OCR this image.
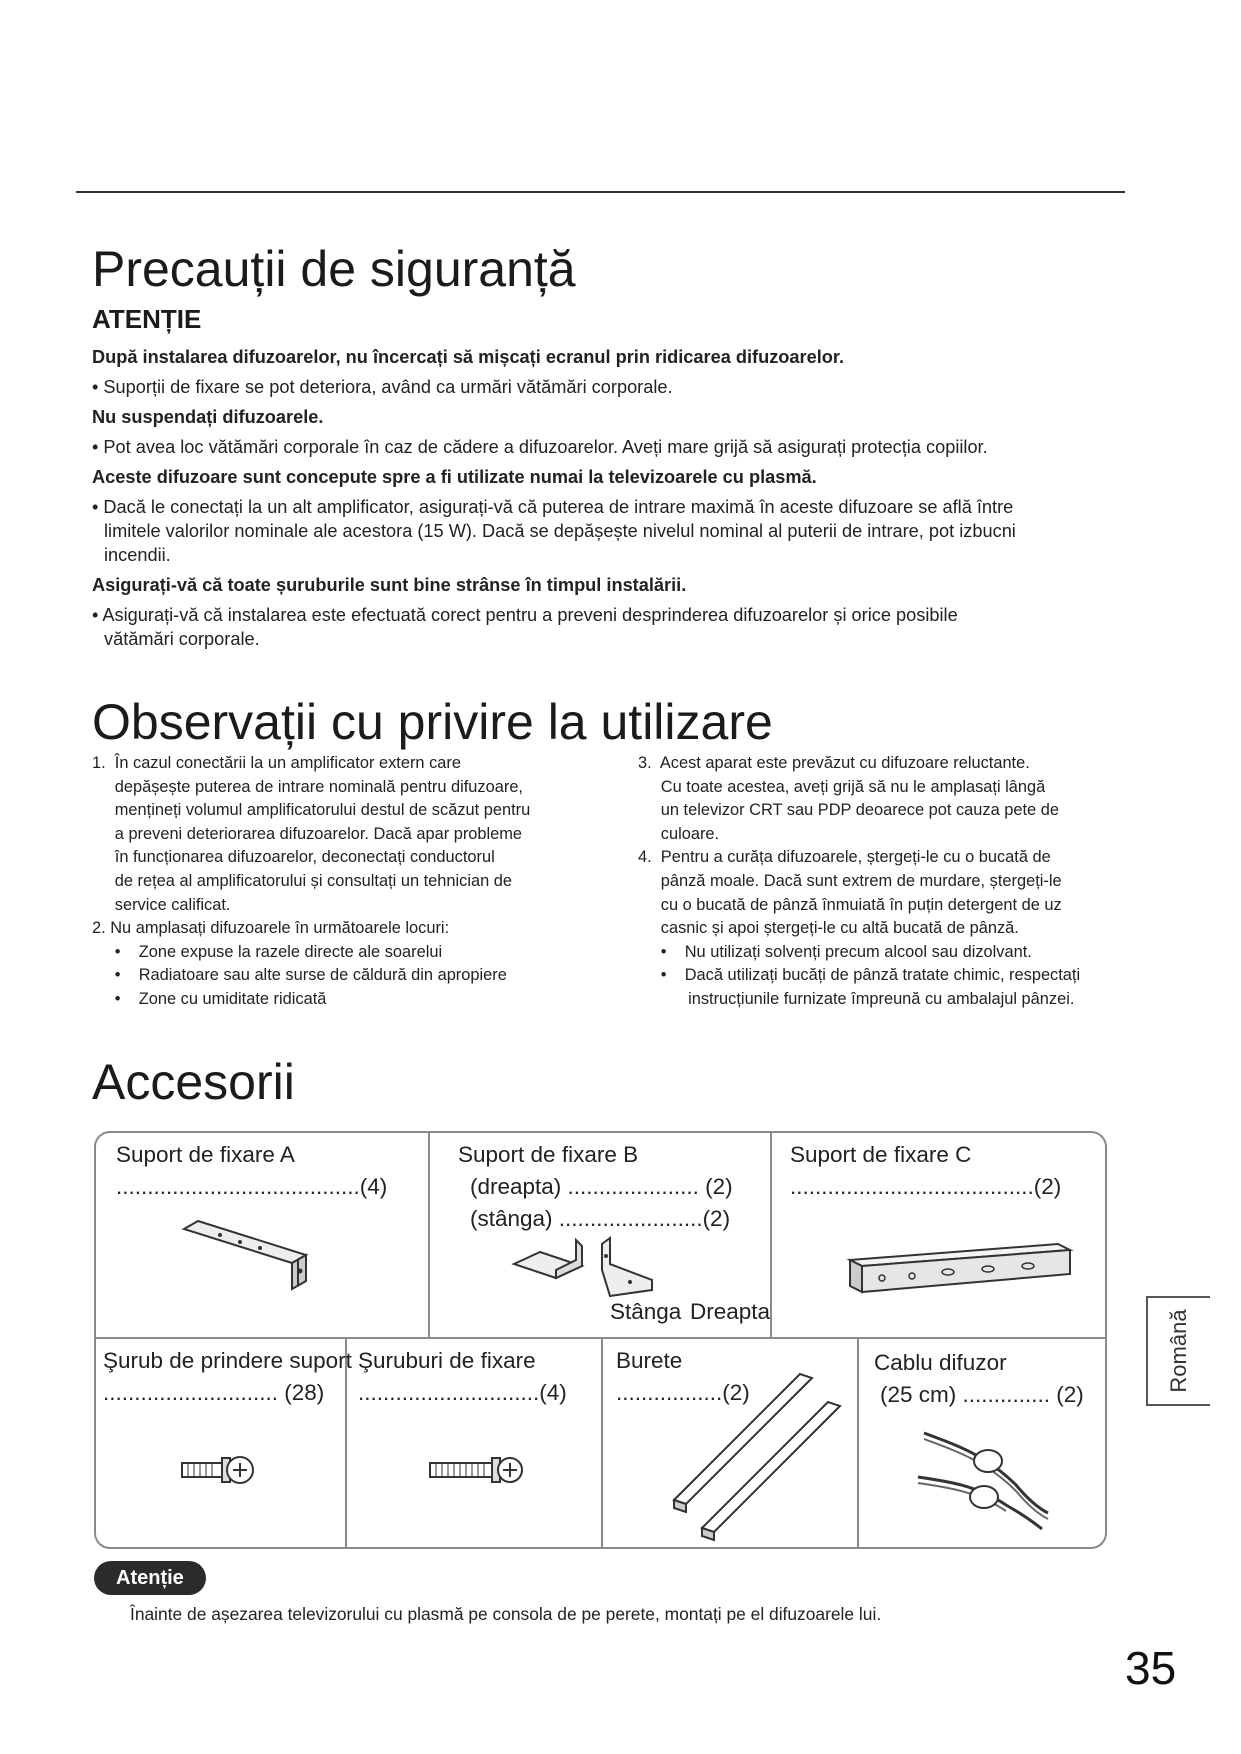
Precauții de siguranță
ATENȚIE

După instalarea difuzoarelor, nu încercați să mișcați ecranul prin ridicarea difuzoarelor.

• Suporții de fixare se pot deteriora, având ca urmări vătămări corporale.

Nu suspendați difuzoarele.

• Pot avea loc vătămări corporale în caz de cădere a difuzoarelor. Aveți mare grijă să asigurați protecția copiilor.

Aceste difuzoare sunt concepute spre a fi utilizate numai la televizoarele cu plasmă.

• Dacă le conectați la un alt amplificator, asigurați-vă că puterea de intrare maximă în aceste difuzoare se află între

limitele valorilor nominale ale acestora (15 W). Dacă se depășește nivelul nominal al puterii de intrare, pot izbucni

incendii.

Asigurați-vă că toate șuruburile sunt bine strânse în timpul instalării.

• Asigurați-vă că instalarea este efectuată corect pentru a preveni desprinderea difuzoarelor și orice posibile

vătămări corporale.

Observații cu privire la utilizare
1.  În cazul conectării la un amplificator extern care
depășește puterea de intrare nominală pentru difuzoare,
mențineți volumul amplificatorului destul de scăzut pentru
a preveni deteriorarea difuzoarelor. Dacă apar probleme
în funcționarea difuzoarelor, deconectați conductorul
de rețea al amplificatorului și consultați un tehnician de
service calificat.
2. Nu amplasați difuzoarele în următoarele locuri:
•    Zone expuse la razele directe ale soarelui
•    Radiatoare sau alte surse de căldură din apropiere
•    Zone cu umiditate ridicată
3.  Acest aparat este prevăzut cu difuzoare reluctante.
Cu toate acestea, aveți grijă să nu le amplasați lângă
un televizor CRT sau PDP deoarece pot cauza pete de
culoare.
4.  Pentru a curăța difuzoarele, ștergeți-le cu o bucată de
pânză moale. Dacă sunt extrem de murdare, ștergeți-le
cu o bucată de pânză înmuiată în puțin detergent de uz
casnic și apoi ștergeți-le cu altă bucată de pânză.
•    Nu utilizați solvenți precum alcool sau dizolvant.
•    Dacă utilizați bucăți de pânză tratate chimic, respectați
instrucțiunile furnizate împreună cu ambalajul pânzei.
Accesorii
Suport de fixare A
.......................................(4)
Suport de fixare B
(dreapta) ..................... (2)
(stânga) .......................(2)
Stânga Dreapta
Suport de fixare C
.......................................(2)
Şurub de prindere suport
............................ (28)
Şuruburi de fixare
.............................(4)
Burete
.................(2)
Cablu difuzor
(25 cm) .............. (2)
Română
Atenție
Înainte de așezarea televizorului cu plasmă pe consola de pe perete, montați pe el difuzoarele lui.
35
